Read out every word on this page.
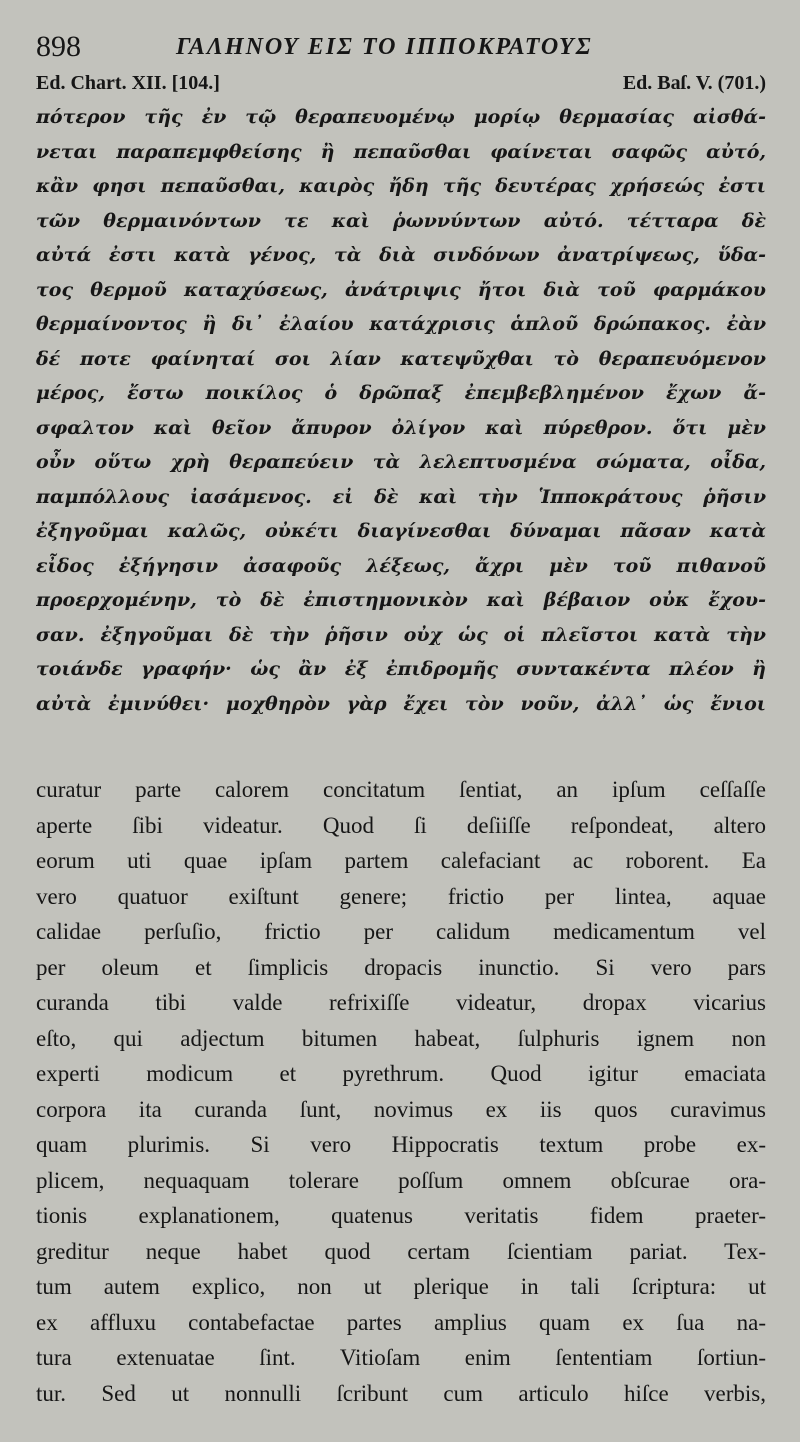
898	ΓΑΛΗΝΟΥ ΕΙΣ ΤΟ ΙΠΠΟΚΡΑΤΟΥΣ
Ed. Chart. XII. [104.]	Ed. Baſ. V. (701.)
πότερον τῆς ἐν τῷ θεραπευομένῳ μορίῳ θερμασίας αἰσθά-
νεται παραπεμφθείσης ἢ πεπαῦσθαι φαίνεται σαφῶς αὐτό,
κἂν φησι πεπαῦσθαι, καιρὸς ἤδη τῆς δευτέρας χρήσεώς ἐστι
τῶν θερμαινόντων τε καὶ ῥωννύντων αὐτό. τέτταρα δὲ
αὐτά ἐστι κατὰ γένος, τὰ διὰ σινδόνων ἀνατρίψεως, ὕδα-
τος θερμοῦ καταχύσεως, ἀνάτριψις ἤτοι διὰ τοῦ φαρμάκου
θερμαίνοντος ἢ δι᾽ ἐλαίου κατάχρισις ἁπλοῦ δρώπακος. ἐὰν
δέ ποτε φαίνηταί σοι λίαν κατεψῦχθαι τὸ θεραπευόμενον
μέρος, ἔστω ποικίλος ὁ δρῶπαξ ἐπεμβεβλημένον ἔχων ἄ-
σφαλτον καὶ θεῖον ἄπυρον ὀλίγον καὶ πύρεθρον. ὅτι μὲν
οὖν οὕτω χρὴ θεραπεύειν τὰ λελεπτυσμένα σώματα, οἶδα,
παμπόλλους ἰασάμενος. εἰ δὲ καὶ τὴν Ἱπποκράτους ῥῆσιν
ἐξηγοῦμαι καλῶς, οὐκέτι διαγίνεσθαι δύναμαι πᾶσαν κατὰ
εἶδος ἐξήγησιν ἀσαφοῦς λέξεως, ἄχρι μὲν τοῦ πιθανοῦ
προερχομένην, τὸ δὲ ἐπιστημονικὸν καὶ βέβαιον οὐκ ἔχου-
σαν. ἐξηγοῦμαι δὲ τὴν ῥῆσιν οὐχ ὡς οἱ πλεῖστοι κατὰ τὴν
τοιάνδε γραφήν· ὡς ἂν ἐξ ἐπιδρομῆς συντακέντα πλέον ἢ
αὐτὰ ἐμινύθει· μοχθηρὸν γὰρ ἔχει τὸν νοῦν, ἀλλ᾽ ὡς ἔνιοι
curatur parte calorem concitatum ſentiat, an ipſum ceſſaſſe
aperte ſibi videatur. Quod ſi deſiiſſe reſpondeat, altero
eorum uti quae ipſam partem calefaciant ac roborent. Ea
vero quatuor exiſtunt genere; frictio per lintea, aquae
calidae perſuſio, frictio per calidum medicamentum vel
per oleum et ſimplicis dropacis inunctio. Si vero pars
curanda tibi valde refrixiſſe videatur, dropax vicarius
eſto, qui adjectum bitumen habeat, ſulphuris ignem non
experti modicum et pyrethrum. Quod igitur emaciata
corpora ita curanda ſunt, novimus ex iis quos curavimus
quam plurimis. Si vero Hippocratis textum probe ex-
plicem, nequaquam tolerare poſſum omnem obſcurae ora-
tionis explanationem, quatenus veritatis fidem praeter-
greditur neque habet quod certam ſcientiam pariat. Tex-
tum autem explico, non ut plerique in tali ſcriptura: ut
ex affluxu contabefactae partes amplius quam ex ſua na-
tura extenuatae ſint. Vitioſam enim ſententiam ſortiun-
tur. Sed ut nonnulli ſcribunt cum articulo hiſce verbis,
